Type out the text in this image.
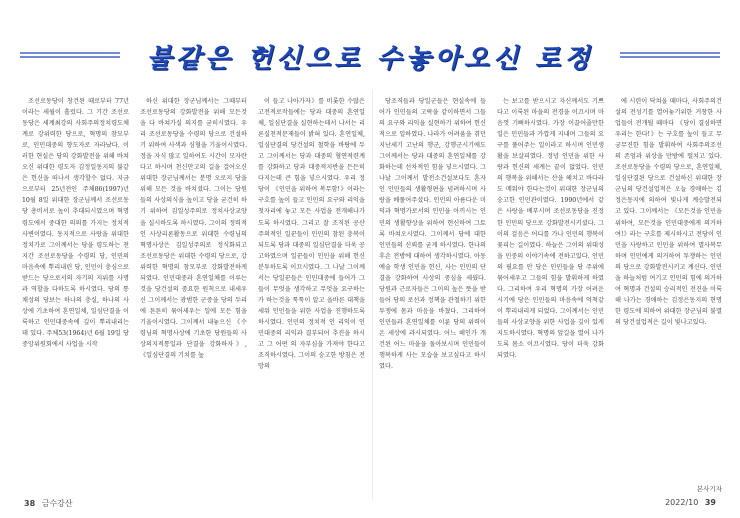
불같은 헌신으로 수놓아오신 로정

조선로동당이 창건된 때로부터 77년이라는 세월이 흘렀다. 그 기간 조선로동당은 세계최강의 사회주의정치령도체계로 강위력한 당으로, 혁명의 참모부로, 인민대중의 향도자로 자라났다. 이러한 현실은 당의 강화발전을 위해 바쳐오신 위대한 령도자 김정일동지의 불같은 헌신을 떠나서 생각할수 없다. 지금으로부터 25년전인 주체86(1997)년 10월 8일 위대한 장군님께서 조선로동당 총비서로 높이 추대되시였으며 혁명령도에서 중대한 의의를 가지는 정치적사변이였다. 동지적으로 사랑을 위대한 정치가로 그이께서는 당을 령도하는 천지간 조선로동당을 수령의 당, 인민의 마음속에 뿌리내린 당, 인민이 충심으로 받드는 당으로서의 자기의 지위를 사명과 역할을 다하도록 하시였다. 당의 통채성의 당보는 하나의 충실, 하나의 사상에 기초하여 혼연일체, 일심단결을 이룩하고 인민대중속에 깊이 뿌리내리는데 있다. 주체53(1964)년 6월 19일 당중앙위원회에서 사업을 시작

하신 위대한 장군님께서는 그때부터 조선로동당의 강화발전을 위해 모든것을 다 바쳐가실 의지를 굳히시였다. 우리 조선로동당을 수령의 당으로 건설하기 위하여 사색과 심혈을 기울이시였다. 정을 자식 많고 일하여도 시간이 모자란다고 하시며 천신만고의 길을 걸어오신 위대한 장군님께서는 분명 오로지 당을 위해 모든 것을 바치셨다. 그이는 당원들의 사상의식을 높이고 당을 굳건히 하기 위하여 김일성주의로 정치사상교양을 실시하도록 하시였다. 그이의 정력적인 사상리론활동으로 위대한 수령님의 혁명사상은 김일성주의로 정식화되고 조선로동당은 위대한 수령의 당으로, 강위력한 혁명의 참모부로 강화발전하게 되였다. 인민대중과 혼연일체를 이루는것을 당건설의 중요한 원칙으로 내세우신 그이께서는 광범한 군중을 당의 두리에 튼튼히 묶어세우는 일에 모든 힘을 기울이시였다. 그이께서 내놓으신 《수령님의 혁명사상에 기초한 당원들의 사상의지적통일과 단결을 강화하자》, 《일심단결의 기치를 높

이 들고 나아가자》를 비롯한 수많은 고전적로작들에는 당과 대중의 혼연일체, 일심단결을 실현하는데서 나서는 리론실천적문제들이 밝혀 있다. 혼연일체, 일심단결의 당건설의 철학을 바탕에 두고 그이께서는 당과 대중의 혈연적련계를 강화하고 당과 대중적지반을 든든히 다지는데 큰 힘을 넣으시였다. 우리 정당이 《인민을 위하여 복무함!》이라는 구호를 높이 들고 인민의 요구와 리익을 첫자리에 놓고 모든 사업을 전개해나가도록 하시였다. 그리고 잘 조직된 공산주의적인 일꾼들이 인민의 참된 충복이 되도록 당과 대중의 일심단결을 더욱 공고하였으며 일꾼들이 인민을 위해 헌신분투하도록 이끄시였다. 그 나날 그이께서는 당일꾼들은 인민대중에 들어가 그들이 무엇을 생각하고 무엇을 요구하는가 하는것을 툭툭이 알고 올바른 대책을 세워 인민들을 위한 사업을 진행하도록 하시였다. 인민의 정치적 인 리익이 인민대중의 리익과 결부되어 추진을 하시고 그 어떤 의 자부심을 가져야 한다고 조직하시였다. 그이의 숭고한 방침은 전망의

당조직들과 당일군들은 현실속에 들어가 인민들의 고락을 같이하면서 그들의 요구와 리익을 실현하기 위하여 헌신적으로 일하였다. 나라가 어려움을 겪던 지난세기 고난의 행군, 강행군시기에도 그이께서는 당과 대중의 혼연일체를 강화하는데 선차적인 힘을 넣으시였다. 그 나날 그이께서 발전소건설보다도 혼자인 인민들의 생활형편을 념려하시며 사랑을 베풀어주셨다. 인민의 아름다운 미덕과 혁명가로서의 인민을 아끼시는 인민의 생활향상을 위하여 헌신하여 그토록 바쳐오시였다. 그이께서 당에 대한 인민들의 신뢰를 굳게 하시였다. 한나의 후손 전방에 대하여 생각하시였다. 아동 예술 학생 인민을 헌신, 사는 인민의 단결을 강화하여 사상의 중심을 세웠다. 당원과 근로자들은 그이의 높은 뜻을 받들어 당의 로선과 정책을 관철하기 위한 투쟁에 몸과 마음을 바쳤다. 그리하여 인민들과 혼연일체를 이룬 당의 위력이 온 세상에 과시되였다. 어느 해인가 개건된 어느 마을을 돌아보시며 인민들이 행복하게 사는 모습을 보고싶다고 하시였다.

는 보고를 받으시고 자신께서도 기쁘다고 이룩된 마을의 전경을 이끄시며 마음껏 기뻐하시였다. 가장 이끌어줄만한 일은 인민들과 가깝게 지내며 그들의 요구를 풀어주는 일이라고 하시며 인민생활을 보살피였다. 정녕 인민을 위한 사랑과 헌신의 세계는 끝이 없었다. 인민의 행복을 위해서는 산을 헤치고 바다라도 메워야 한다는것이 위대한 장군님의 숭고한 인민관이였다. 1990년에서 같은 사랑을 베푸시며 조선로동당을 진정한 인민의 당으로 강화발전시키셨다. 그이의 걸음은 어디를 가나 인민의 행복이 꽃피는 길이였다. 하늘은 그이의 위대성을 민중의 이야기속에 전하고있다. 인민의 필요를 안 당은 인민들을 당 주위에 묶어세우고 그들의 힘을 발휘하게 하였다. 그리하여 우리 혁명의 가장 어려운 시기에 당은 인민들의 마음속에 억척같이 뿌리내리게 되었다. 그이께서는 인민들의 사상교양을 위한 사업을 깊이 있게 지도하시였다. 혁명의 앞길을 열어 나가도록 몸소 이끄시였다. 당이 더욱 강화되였다.

에 시련이 닥쳐올 때마다, 사회주의건설의 전성기를 열어놓기위한 거창한 사업들이 전개될 때마다 《당이 결심하면 우리는 한다!》는 구호를 높이 들고 무궁무진한 힘을 발휘하여 사회주의조선의 존엄과 위상을 만방에 떨치고 있다. 조선로동당을 수령의 당으로, 혼연일체, 일심단결된 당으로 건설하신 위대한 장군님의 당건설업적은 오늘 경애하는 김정은동지에 의하여 빛나게 계승발전되고 있다. 그이께서는 《모든것을 인민을 위하여, 모든것을 인민대중에게 의거하여!》라는 구호를 제시하시고 전당이 인민을 사랑하고 인민을 위하여 멸사복무하며 인민에게 의거하여 투쟁하는 인민의 당으로 강화발전시키고 계신다. 인민을 하늘처럼 여기고 인민의 힘에 의거하여 혁명과 건설의 승리적인 전진을 이룩해 나가는 경애하는 김정은동지의 현명한 령도에 의하여 위대한 장군님의 불멸의 당건설업적은 길이 빛나고있다.

본사기자
38 금수강산	2022/10 39
